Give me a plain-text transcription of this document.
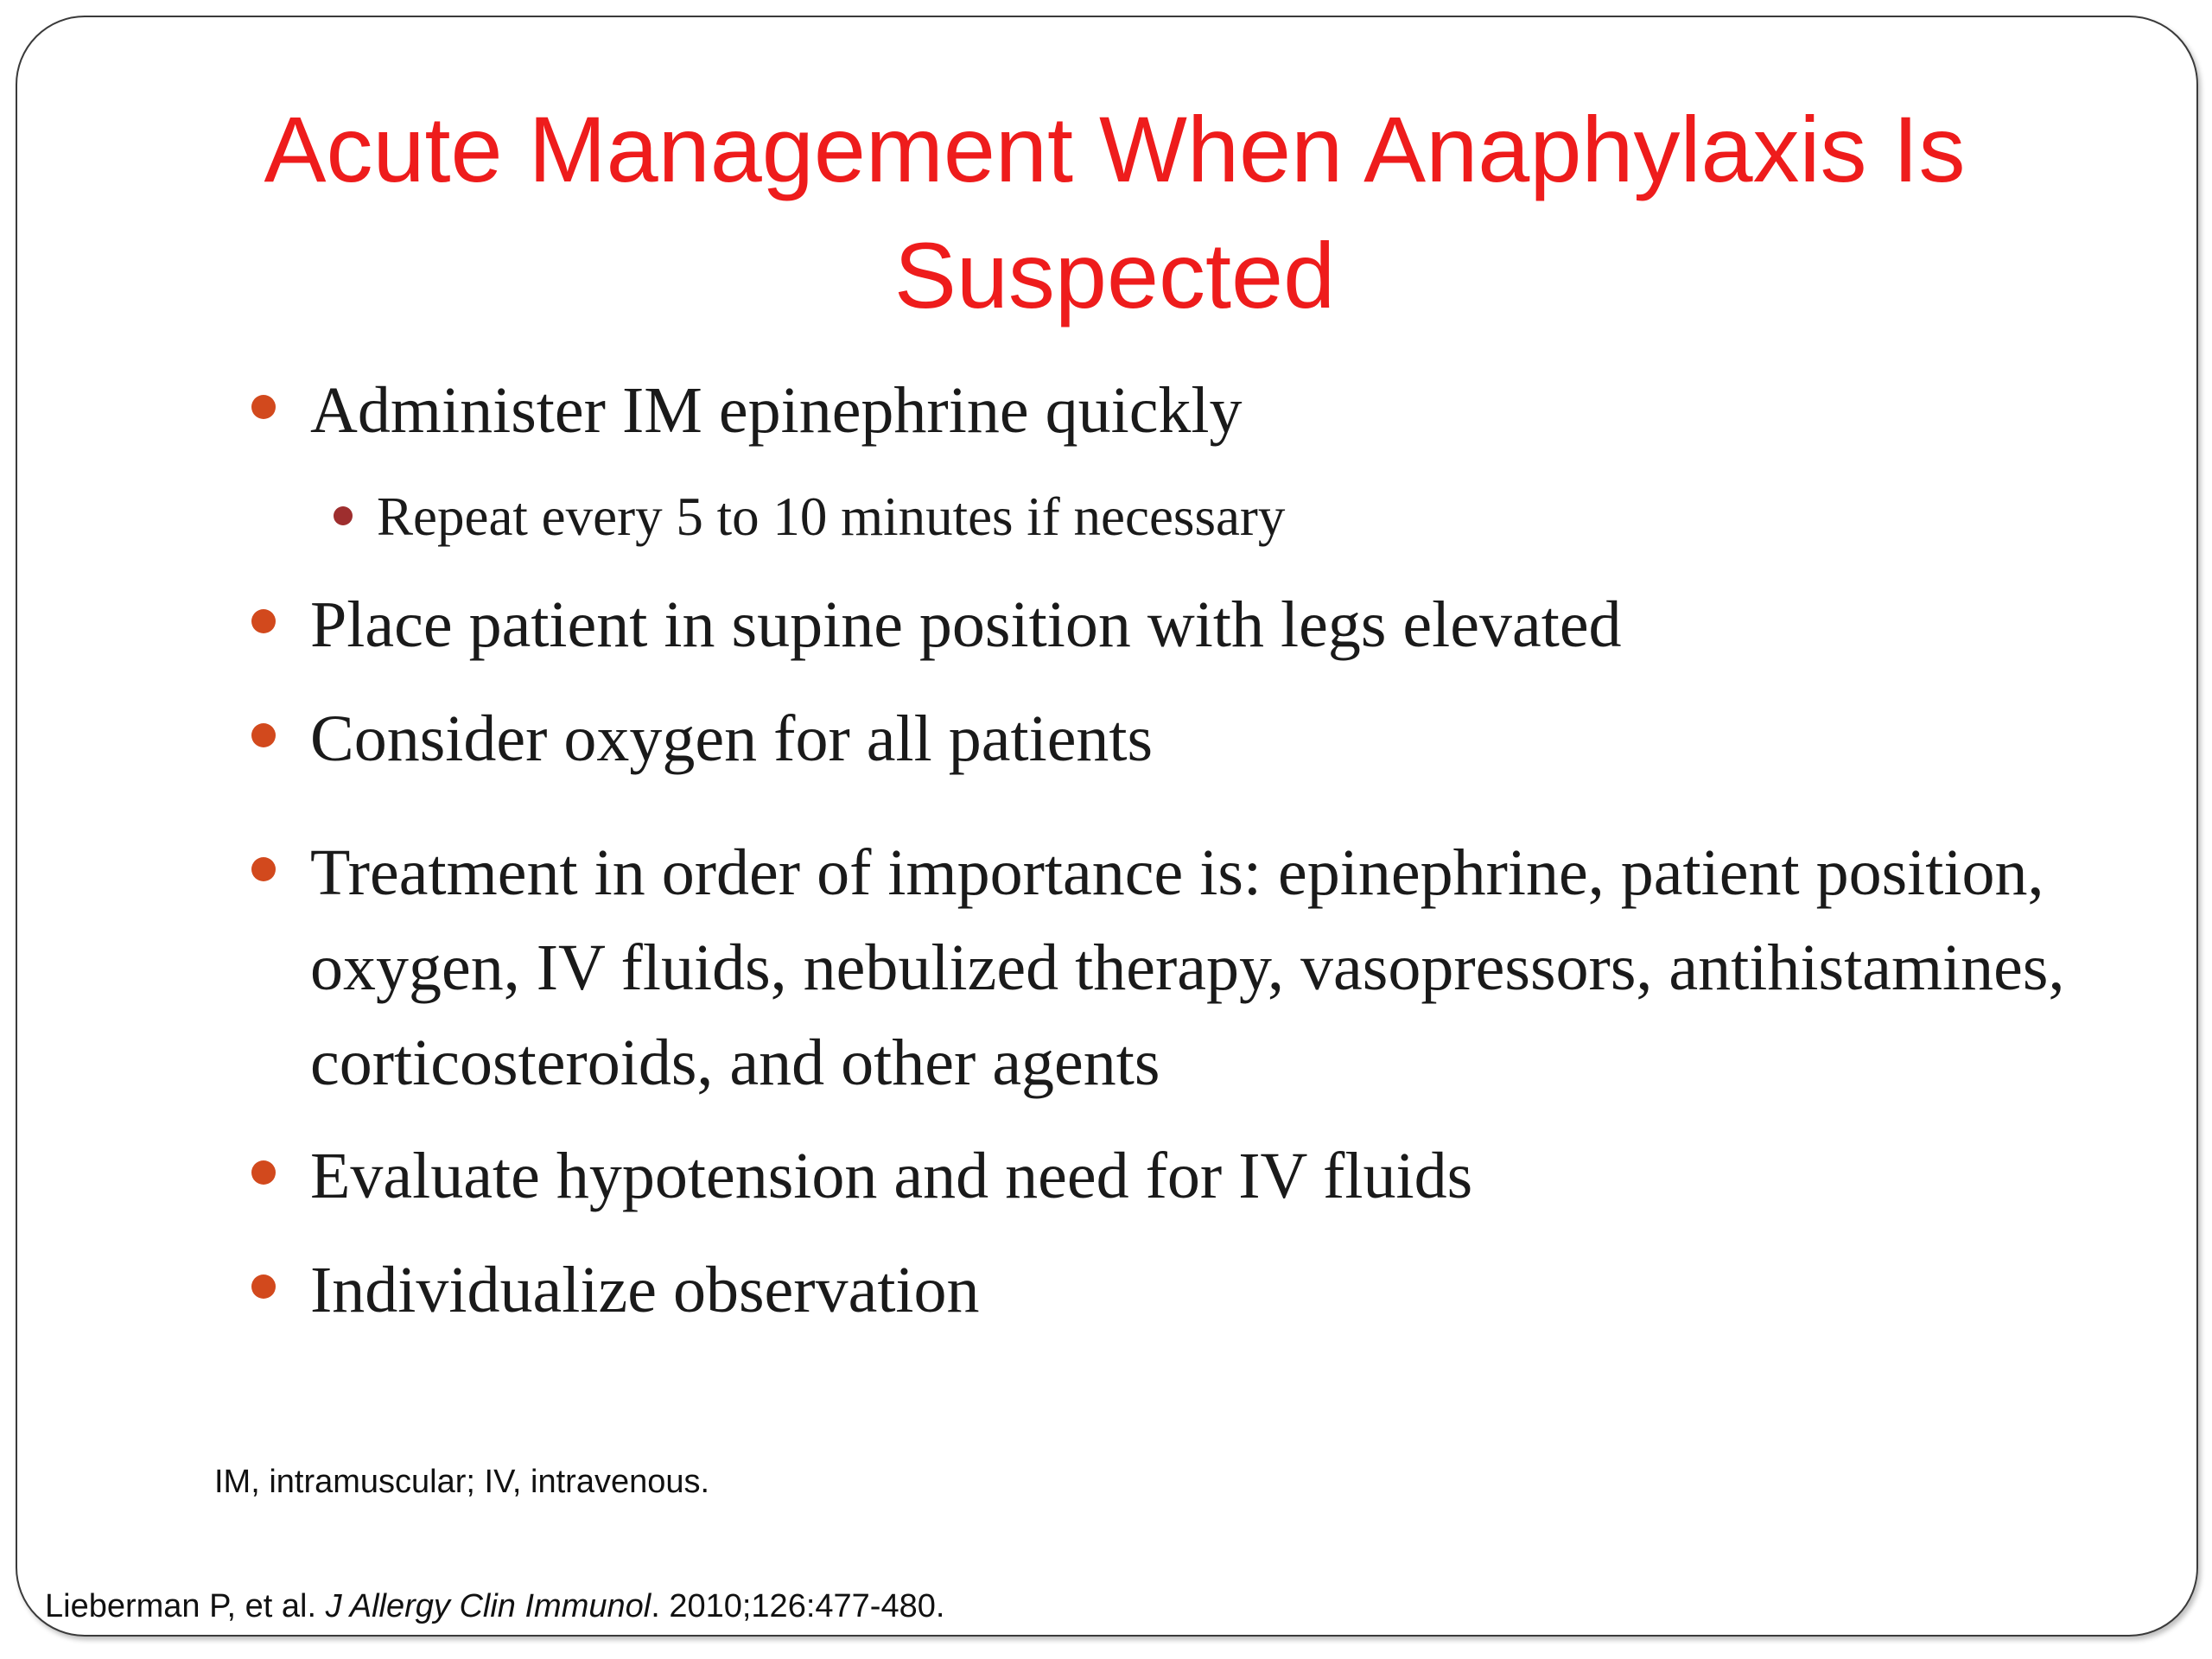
Acute Management When Anaphylaxis Is Suspected
Administer IM epinephrine quickly
Repeat every 5 to 10 minutes if necessary
Place patient in supine position with legs elevated
Consider oxygen for all patients
Treatment in order of importance is: epinephrine, patient position, oxygen, IV fluids, nebulized therapy, vasopressors, antihistamines, corticosteroids, and other agents
Evaluate hypotension and need for IV fluids
Individualize observation
IM, intramuscular; IV, intravenous.
Lieberman P, et al. J Allergy Clin Immunol. 2010;126:477-480.
